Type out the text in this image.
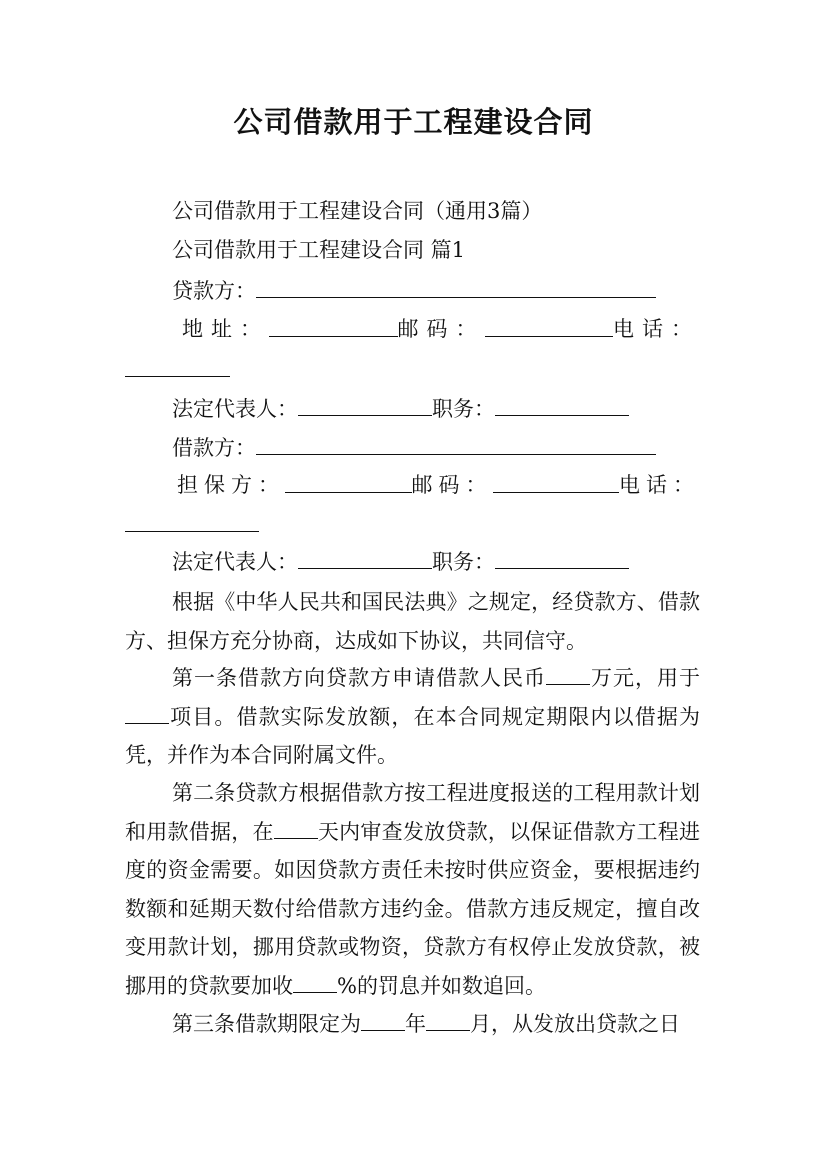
公司借款用于工程建设合同
公司借款用于工程建设合同（通用3篇）
公司借款用于工程建设合同 篇1
贷款方：
地址：	邮码：	电话：
法定代表人：	职务：
借款方：
担保方：	邮码：	电话：
法定代表人：	职务：
根据《中华人民共和国民法典》之规定，经贷款方、借款方、担保方充分协商，达成如下协议，共同信守。
第一条借款方向贷款方申请借款人民币 万元，用于项目。借款实际发放额，在本合同规定期限内以借据为凭，并作为本合同附属文件。
第二条贷款方根据借款方按工程进度报送的工程用款计划和用款借据，在 天内审查发放贷款，以保证借款方工程进度的资金需要。如因贷款方责任未按时供应资金，要根据违约数额和延期天数付给借款方违约金。借款方违反规定，擅自改变用款计划，挪用贷款或物资，贷款方有权停止发放贷款，被挪用的贷款要加收 %的罚息并如数追回。
第三条借款期限定为 年 月，从发放出贷款之日
